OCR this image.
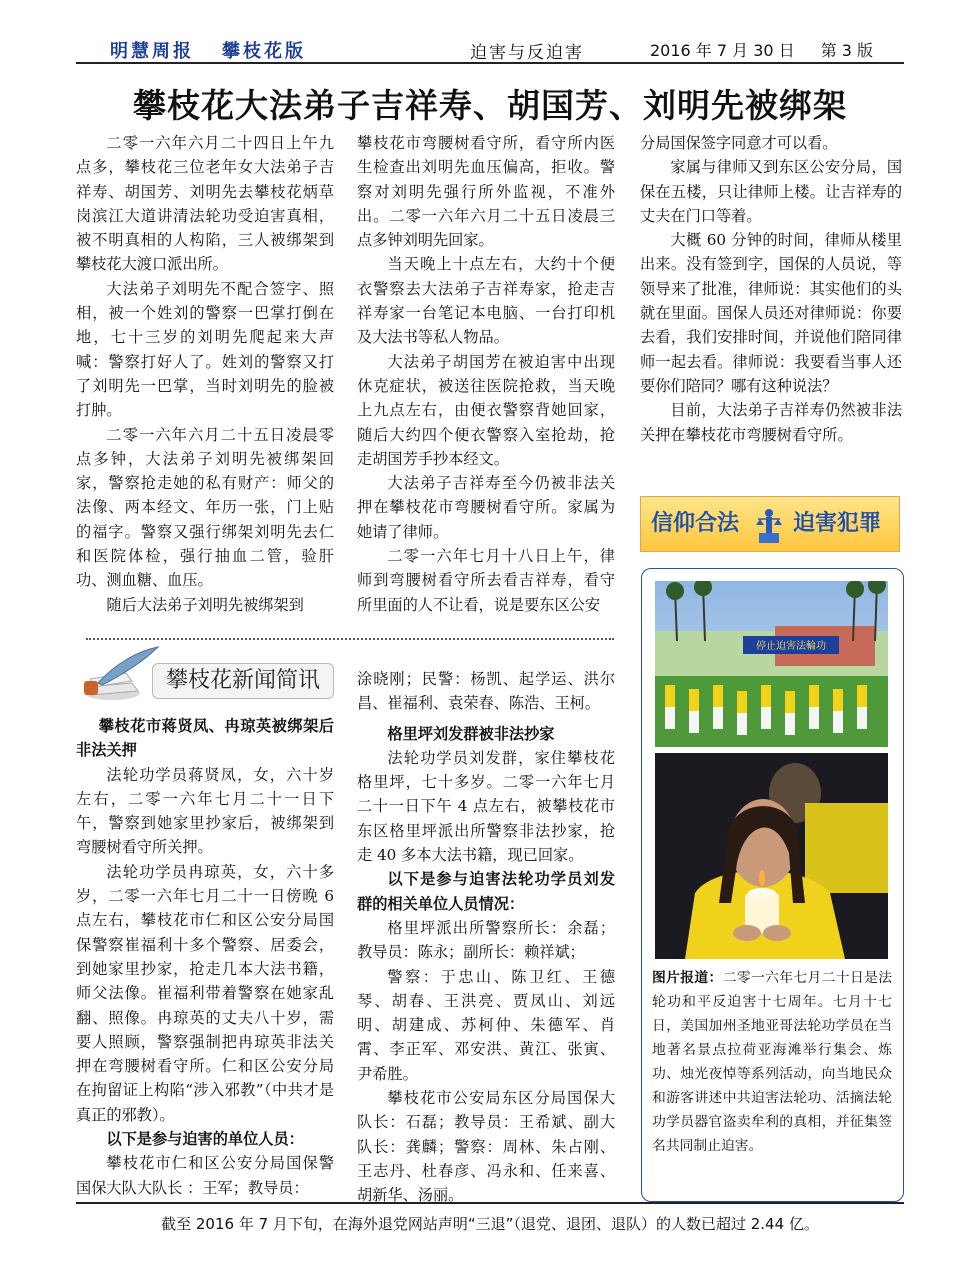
明慧周报 攀枝花版	迫害与反迫害	2016 年 7 月 30 日 第 3 版
攀枝花大法弟子吉祥寿、胡国芳、刘明先被绑架

二零一六年六月二十四日上午九点多，攀枝花三位老年女大法弟子吉祥寿、胡国芳、刘明先去攀枝花炳草岗滨江大道讲清法轮功受迫害真相，被不明真相的人构陷，三人被绑架到攀枝花大渡口派出所。

大法弟子刘明先不配合签字、照相，被一个姓刘的警察一巴掌打倒在地，七十三岁的刘明先爬起来大声喊：警察打好人了。姓刘的警察又打了刘明先一巴掌，当时刘明先的脸被打肿。

二零一六年六月二十五日凌晨零点多钟，大法弟子刘明先被绑架回家，警察抢走她的私有财产：师父的法像、两本经文、年历一张，门上贴的福字。警察又强行绑架刘明先去仁和医院体检，强行抽血二管，验肝功、测血糖、血压。

随后大法弟子刘明先被绑架到

攀枝花市弯腰树看守所，看守所内医生检查出刘明先血压偏高，拒收。警察对刘明先强行所外监视，不准外出。二零一六年六月二十五日凌晨三点多钟刘明先回家。

当天晚上十点左右，大约十个便衣警察去大法弟子吉祥寿家，抢走吉祥寿家一台笔记本电脑、一台打印机及大法书等私人物品。

大法弟子胡国芳在被迫害中出现休克症状，被送往医院抢救，当天晚上九点左右，由便衣警察背她回家，随后大约四个便衣警察入室抢劫，抢走胡国芳手抄本经文。

大法弟子吉祥寿至今仍被非法关押在攀枝花市弯腰树看守所。家属为她请了律师。

二零一六年七月十八日上午，律师到弯腰树看守所去看吉祥寿，看守所里面的人不让看，说是要东区公安

分局国保签字同意才可以看。

家属与律师又到东区公安分局，国保在五楼，只让律师上楼。让吉祥寿的丈夫在门口等着。

大概 60 分钟的时间，律师从楼里出来。没有签到字，国保的人员说，等领导来了批准，律师说：其实他们的头就在里面。国保人员还对律师说：你要去看，我们安排时间，并说他们陪同律师一起去看。律师说：我要看当事人还要你们陪同？哪有这种说法？

目前，大法弟子吉祥寿仍然被非法关押在攀枝花市弯腰树看守所。

信仰合法 迫害犯罪
攀枝花新闻简讯

攀枝花市蒋贤凤、冉琼英被绑架后非法关押

法轮功学员蒋贤凤，女，六十岁左右，二零一六年七月二十一日下午，警察到她家里抄家后，被绑架到弯腰树看守所关押。

法轮功学员冉琼英，女，六十多岁，二零一六年七月二十一日傍晚 6 点左右，攀枝花市仁和区公安分局国保警察崔福利十多个警察、居委会，到她家里抄家，抢走几本大法书籍，师父法像。崔福利带着警察在她家乱翻、照像。冉琼英的丈夫八十岁，需要人照顾，警察强制把冉琼英非法关押在弯腰树看守所。仁和区公安分局在拘留证上构陷“涉入邪教”（中共才是真正的邪教）。

以下是参与迫害的单位人员：

攀枝花市仁和区公安分局国保警国保大队大队长 ：王军；教导员：

涂晓刚；民警：杨凯、起学运、洪尔昌、崔福利、袁荣春、陈浩、王柯。

格里坪刘发群被非法抄家

法轮功学员刘发群，家住攀枝花格里坪，七十多岁。二零一六年七月二十一日下午 4 点左右，被攀枝花市东区格里坪派出所警察非法抄家，抢走 40 多本大法书籍，现已回家。

以下是参与迫害法轮功学员刘发群的相关单位人员情况：

格里坪派出所警察所长：余磊；教导员：陈永；副所长：赖祥斌；

警察：于忠山、陈卫红、王德琴、胡春、王洪亮、贾凤山、刘远明、胡建成、苏柯仲、朱德军、肖霄、李正军、邓安洪、黄江、张寅、尹希胜。

攀枝花市公安局东区分局国保大队长：石磊；教导员：王希斌、副大队长：龚麟；警察：周林、朱占刚、王志丹、杜春彦、冯永和、任来喜、胡新华、汤丽。

停止迫害法輪功
图片报道：二零一六年七月二十日是法轮功和平反迫害十七周年。七月十七日，美国加州圣地亚哥法轮功学员在当地著名景点拉荷亚海滩举行集会、炼功、烛光夜悼等系列活动，向当地民众和游客讲述中共迫害法轮功、活摘法轮功学员器官盗卖牟利的真相，并征集签名共同制止迫害。
截至 2016 年 7 月下旬，在海外退党网站声明“三退”（退党、退团、退队）的人数已超过 2.44 亿。
